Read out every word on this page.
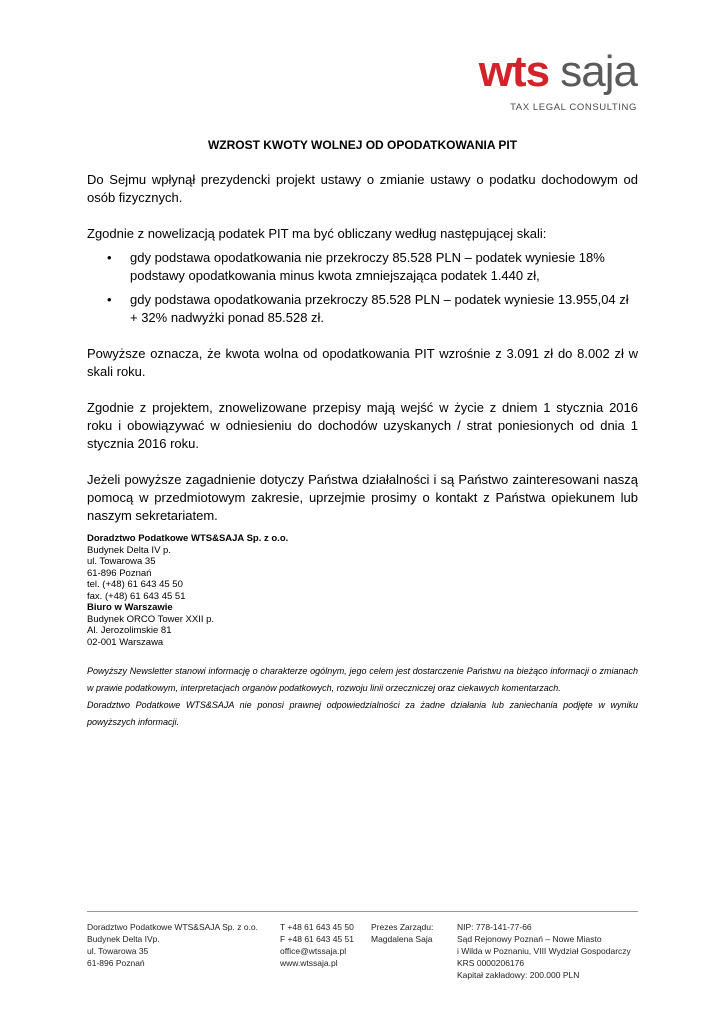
wts saja
TAX LEGAL CONSULTING
WZROST KWOTY WOLNEJ OD OPODATKOWANIA PIT

Do Sejmu wpłynął prezydencki projekt ustawy o zmianie ustawy o podatku dochodowym od osób fizycznych.

Zgodnie z nowelizacją podatek PIT ma być obliczany według następującej skali:

• gdy podstawa opodatkowania nie przekroczy 85.528 PLN – podatek wyniesie 18% podstawy opodatkowania minus kwota zmniejszająca podatek 1.440 zł,
• gdy podstawa opodatkowania przekroczy 85.528 PLN – podatek wyniesie 13.955,04 zł + 32% nadwyżki ponad 85.528 zł.

Powyższe oznacza, że kwota wolna od opodatkowania PIT wzrośnie z 3.091 zł do 8.002 zł w skali roku.

Zgodnie z projektem, znowelizowane przepisy mają wejść w życie z dniem 1 stycznia 2016 roku i obowiązywać w odniesieniu do dochodów uzyskanych / strat poniesionych od dnia 1 stycznia 2016 roku.

Jeżeli powyższe zagadnienie dotyczy Państwa działalności i są Państwo zainteresowani naszą pomocą w przedmiotowym zakresie, uprzejmie prosimy o kontakt z Państwa opiekunem lub naszym sekretariatem.

Doradztwo Podatkowe WTS&SAJA Sp. z o.o.
Budynek Delta IV p.
ul. Towarowa 35
61-896 Poznań
tel. (+48) 61 643 45 50
fax. (+48) 61 643 45 51
Biuro w Warszawie
Budynek ORCO Tower XXII p.
Al. Jerozolimskie 81
02-001 Warszawa

Powyższy Newsletter stanowi informację o charakterze ogólnym, jego celem jest dostarczenie Państwu na bieżąco informacji o zmianach w prawie podatkowym, interpretacjach organów podatkowych, rozwoju linii orzeczniczej oraz ciekawych komentarzach.

Doradztwo Podatkowe WTS&SAJA nie ponosi prawnej odpowiedzialności za żadne działania lub zaniechania podjęte w wyniku powyższych informacji.

Doradztwo Podatkowe WTS&SAJA Sp. z o.o.
Budynek Delta IVp.
ul. Towarowa 35
61-896 Poznań
T +48 61 643 45 50
F +48 61 643 45 51
office@wtssaja.pl
www.wtssaja.pl
Prezes Zarządu:
Magdalena Saja
NIP: 778-141-77-66
Sąd Rejonowy Poznań – Nowe Miasto
i Wilda w Poznaniu, VIII Wydział Gospodarczy
KRS 0000206176
Kapitał zakładowy: 200.000 PLN
